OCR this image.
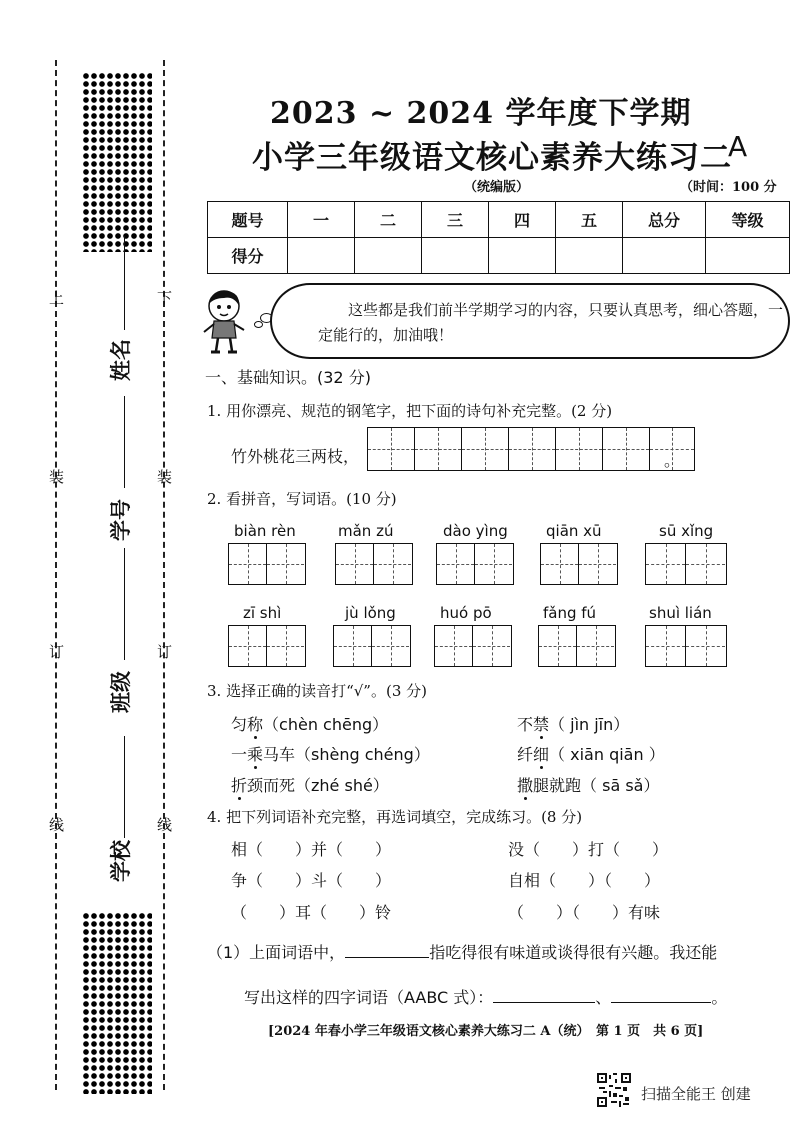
上
装
订
线
下
装
订
线
姓名
学号
班级
学校
2023 ~ 2024 学年度下学期
小学三年级语文核心素养大练习二
A
（统编版）	（时间：100 分
题号	一	二	三	四	五	总分	等级
得分							
这些都是我们前半学期学习的内容，只要认真思考，细心答题，一定能行的，加油哦！
一、基础知识。(32 分)
1. 用你漂亮、规范的钢笔字，把下面的诗句补充完整。(2 分)
竹外桃花三两枝，	。
2. 看拼音，写词语。(10 分)
biàn rèn	mǎn zú	dào yìng	qiān xū	sū xǐng
zī shì	jù lǒng	huó pō	fǎng fú	shuì lián
3. 选择正确的读音打“√”。(3 分)
匀称（chèn chēng）	不禁（ jìn jīn）
一乘马车（shèng chéng）	纤细（ xiān qiān ）
折颈而死（zhé shé）	撒腿就跑（ sā sǎ）
4. 把下列词语补充完整，再选词填空，完成练习。(8 分)
相（　　）并（　　）	没（　　）打（　　）
争（　　）斗（　　）	自相（　　）（　　）
（　　）耳（　　）铃	（　　）（　　）有味
（1）上面词语中，	指吃得很有味道或谈得很有兴趣。我还能
写出这样的四字词语（AABC 式）：	、	。
[2024 年春小学三年级语文核心素养大练习二 A（统）　第 1 页　共 6 页]
扫描全能王 创建
